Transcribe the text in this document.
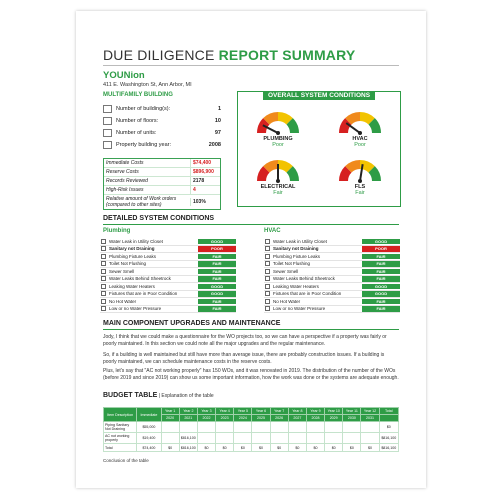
DUE DILIGENCE REPORT SUMMARY
YOUNion
411 E. Washington St, Ann Arbor, MI
MULTIFAMILY BUILDING
Number of building(s):	1
Number of floors:	10
Number of units:	97
Property building year:	2008
Immediate Costs	$74,400
Reserve Costs	$896,900
Records Reviewed	2178
High-Risk Issues	4
Relative amount of Work orders (compared to other sites)	103%
OVERALL SYSTEM CONDITIONS
PLUMBING
Poor
HVAC
Poor
ELECTRICAL
Fair
FLS
Fair
DETAILED SYSTEM CONDITIONS
Plumbing	HVAC
Water Leak in Utility Closet	GOOD
Sanitary not Draining	POOR
Plumbing Fixture Leaks	FAIR
Toilet Not Flushing	FAIR
Sewer Smell	FAIR
Water Leaks Behind Sheetrock	FAIR
Leaking Water Heaters	GOOD
Fixtures that are in Poor Condition	GOOD
No Hot Water	FAIR
Low or no Water Pressure	FAIR
Water Leak in Utility Closet	GOOD
Sanitary not Draining	POOR
Plumbing Fixture Leaks	FAIR
Toilet Not Flushing	FAIR
Sewer Smell	FAIR
Water Leaks Behind Sheetrock	FAIR
Leaking Water Heaters	GOOD
Fixtures that are in Poor Condition	GOOD
No Hot Water	FAIR
Low or no Water Pressure	FAIR
MAIN COMPONENT UPGRADES AND MAINTENANCE
Jody, I think that we could make a questionnaire for the WO projects too, so we can have a perspective if a property was fairly or poorly maintained. In this section we could note all the major upgrades and the regular maintenance.
So, if a building is well maintained but still have more than average issue, there are probably construction issues. If a building is poorly maintained, we can schedule maintenance costs in the reserve costs.
Plus, let's say that "AC not working properly" has 150 WOs, and it was renovated in 2019. The distribution of the number of the WOs (before 2019 and since 2019) can show us some important information, how the work was done or the systems are adequate enough.
BUDGET TABLE | Explanation of the table
Item Description	Immediate	Year 1	Year 2	Year 3	Year 4	Year 5	Year 6	Year 7	Year 8	Year 9	Year 10	Year 11	Year 12	Total
		2020	2021	2022	2023	2024	2025	2026	2027	2028	2029	2030	2031	
Piping Sanitary Not Draining	$55,000													$0
AC not working properly	$19,400		$816,100											$816,100
Total	$74,400	$0	$816,100	$0	$0	$0	$0	$0	$0	$0	$0	$0	$0	$816,100
Conclusion of the table
